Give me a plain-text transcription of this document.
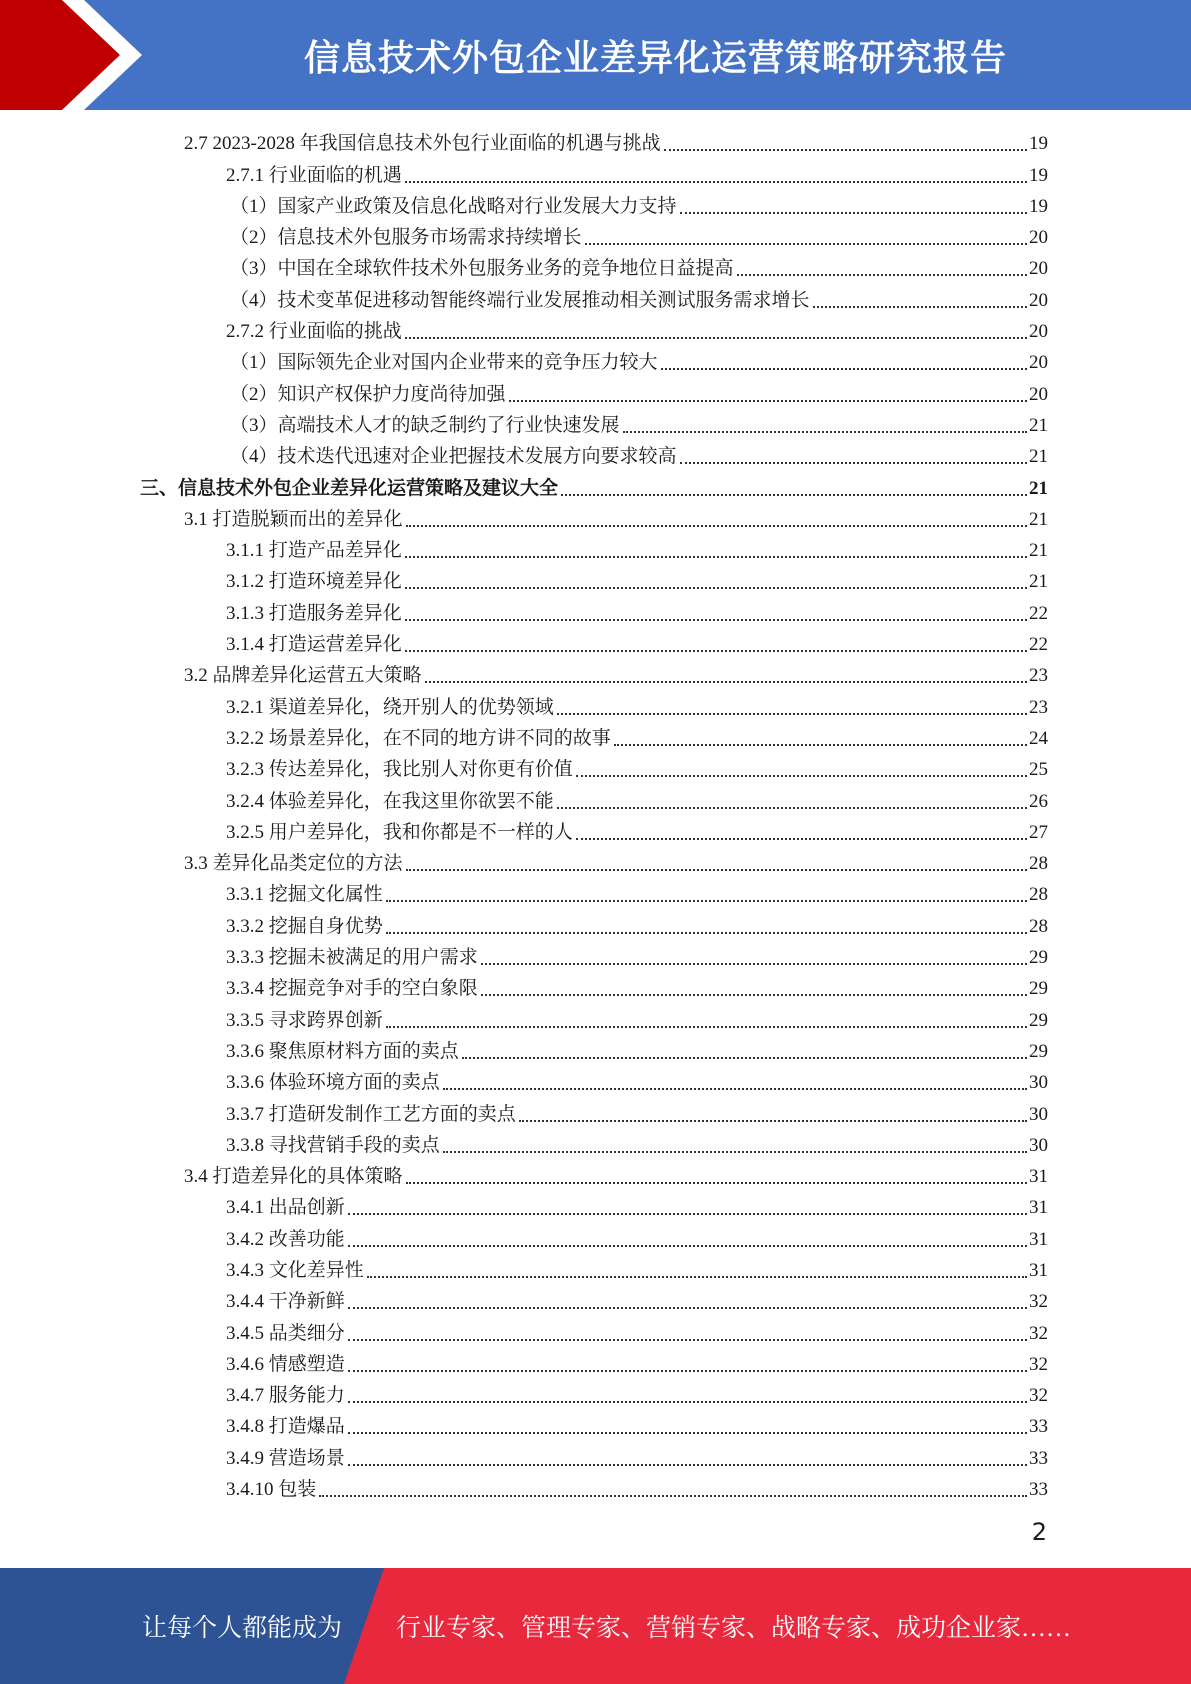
信息技术外包企业差异化运营策略研究报告
2.7 2023-2028 年我国信息技术外包行业面临的机遇与挑战	19
2.7.1 行业面临的机遇	19
（1）国家产业政策及信息化战略对行业发展大力支持	19
（2）信息技术外包服务市场需求持续增长	20
（3）中国在全球软件技术外包服务业务的竞争地位日益提高	20
（4）技术变革促进移动智能终端行业发展推动相关测试服务需求增长	20
2.7.2 行业面临的挑战	20
（1）国际领先企业对国内企业带来的竞争压力较大	20
（2）知识产权保护力度尚待加强	20
（3）高端技术人才的缺乏制约了行业快速发展	21
（4）技术迭代迅速对企业把握技术发展方向要求较高	21
三、信息技术外包企业差异化运营策略及建议大全	21
3.1 打造脱颖而出的差异化	21
3.1.1 打造产品差异化	21
3.1.2 打造环境差异化	21
3.1.3 打造服务差异化	22
3.1.4 打造运营差异化	22
3.2 品牌差异化运营五大策略	23
3.2.1 渠道差异化，绕开别人的优势领域	23
3.2.2 场景差异化，在不同的地方讲不同的故事	24
3.2.3 传达差异化，我比别人对你更有价值	25
3.2.4 体验差异化，在我这里你欲罢不能	26
3.2.5 用户差异化，我和你都是不一样的人	27
3.3 差异化品类定位的方法	28
3.3.1 挖掘文化属性	28
3.3.2 挖掘自身优势	28
3.3.3 挖掘未被满足的用户需求	29
3.3.4 挖掘竞争对手的空白象限	29
3.3.5 寻求跨界创新	29
3.3.6 聚焦原材料方面的卖点	29
3.3.6 体验环境方面的卖点	30
3.3.7 打造研发制作工艺方面的卖点	30
3.3.8 寻找营销手段的卖点	30
3.4 打造差异化的具体策略	31
3.4.1 出品创新	31
3.4.2 改善功能	31
3.4.3 文化差异性	31
3.4.4 干净新鲜	32
3.4.5 品类细分	32
3.4.6 情感塑造	32
3.4.7 服务能力	32
3.4.8 打造爆品	33
3.4.9 营造场景	33
3.4.10 包装	33
2
让每个人都能成为 行业专家、管理专家、营销专家、战略专家、成功企业家……
